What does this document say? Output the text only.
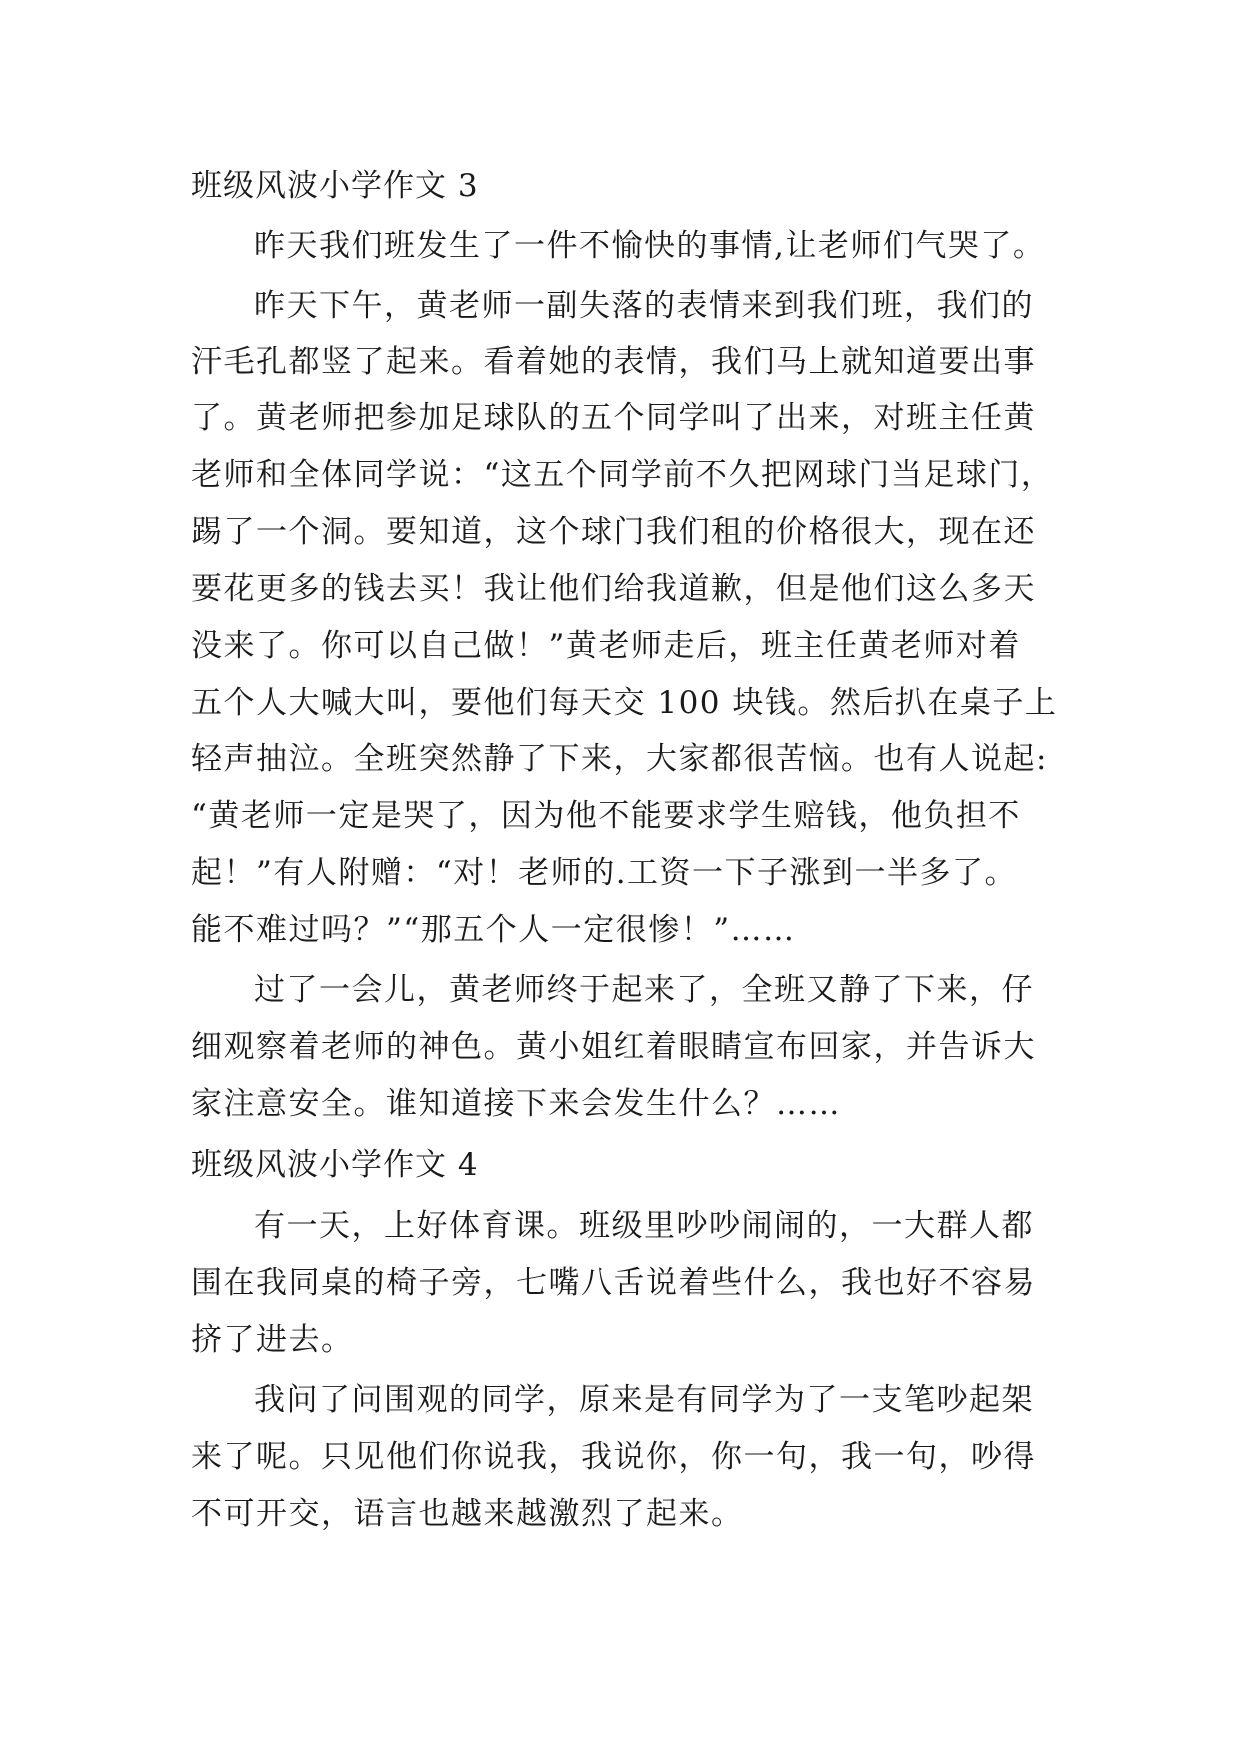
班级风波小学作文 3
昨天我们班发生了一件不愉快的事情,让老师们气哭了。
昨天下午，黄老师一副失落的表情来到我们班，我们的
汗毛孔都竖了起来。看着她的表情，我们马上就知道要出事
了。黄老师把参加足球队的五个同学叫了出来，对班主任黄
老师和全体同学说：“这五个同学前不久把网球门当足球门，
踢了一个洞。要知道，这个球门我们租的价格很大，现在还
要花更多的钱去买！我让他们给我道歉，但是他们这么多天
没来了。你可以自己做！”黄老师走后，班主任黄老师对着
五个人大喊大叫，要他们每天交 100 块钱。然后扒在桌子上
轻声抽泣。全班突然静了下来，大家都很苦恼。也有人说起:
“黄老师一定是哭了，因为他不能要求学生赔钱，他负担不
起！”有人附赠：“对！老师的.工资一下子涨到一半多了。
能不难过吗？”“那五个人一定很惨！”……
过了一会儿，黄老师终于起来了，全班又静了下来，仔
细观察着老师的神色。黄小姐红着眼睛宣布回家，并告诉大
家注意安全。谁知道接下来会发生什么？……
班级风波小学作文 4
有一天，上好体育课。班级里吵吵闹闹的，一大群人都
围在我同桌的椅子旁，七嘴八舌说着些什么，我也好不容易
挤了进去。
我问了问围观的同学，原来是有同学为了一支笔吵起架
来了呢。只见他们你说我，我说你，你一句，我一句，吵得
不可开交，语言也越来越激烈了起来。
